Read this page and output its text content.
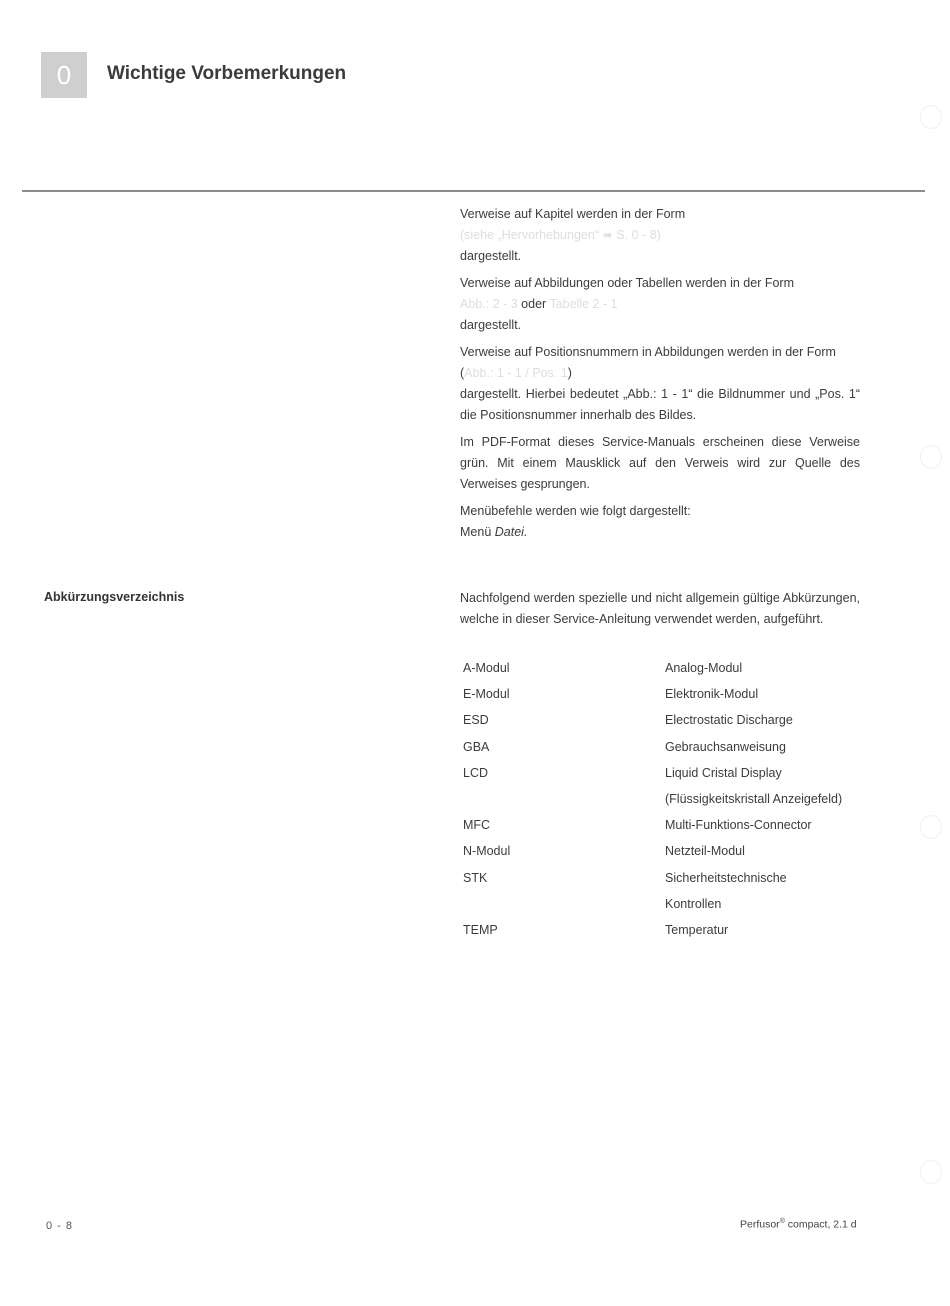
0 Wichtige Vorbemerkungen

Verweise auf Kapitel werden in der Form
(siehe „Hervorhebungen“ ➠ S. 0 - 8)
dargestellt.

Verweise auf Abbildungen oder Tabellen werden in der Form
Abb.: 2 - 3 oder Tabelle 2 - 1
dargestellt.

Verweise auf Positionsnummern in Abbildungen werden in der Form
(Abb.: 1 - 1 / Pos. 1)
dargestellt. Hierbei bedeutet „Abb.: 1 - 1“ die Bildnummer und „Pos. 1“ die Positionsnummer innerhalb des Bildes.

Im PDF-Format dieses Service-Manuals erscheinen diese Verweise grün. Mit einem Mausklick auf den Verweis wird zur Quelle des Verweises gesprungen.

Menübefehle werden wie folgt dargestellt:
Menü Datei.

Abkürzungsverzeichnis	Nachfolgend werden spezielle und nicht allgemein gültige Abkürzungen, welche in dieser Service-Anleitung verwendet werden, aufgeführt.
A-Modul	Analog-Modul
E-Modul	Elektronik-Modul
ESD	Electrostatic Discharge
GBA	Gebrauchsanweisung
LCD	Liquid Cristal Display
	(Flüssigkeitskristall Anzeigefeld)
MFC	Multi-Funktions-Connector
N-Modul	Netzteil-Modul
STK	Sicherheitstechnische
	Kontrollen
TEMP	Temperatur
0 - 8	Perfusor® compact, 2.1 d
